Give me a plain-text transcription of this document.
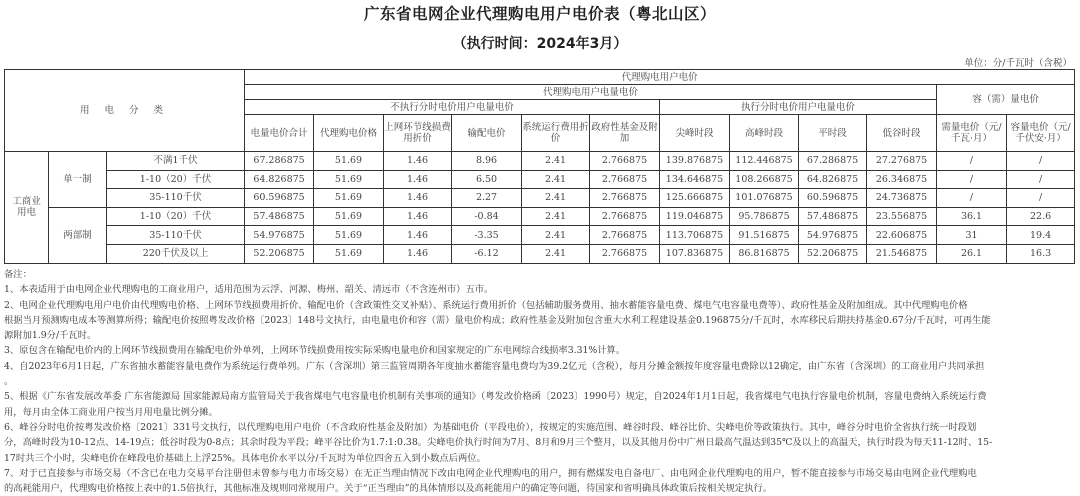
广东省电网企业代理购电用户电价表（粤北山区）
（执行时间：2024年3月）
单位：分/千瓦时（含税）
用 电 分 类			代理购电用户电价											
			代理购电用户电量电价										容（需）量电价	
			不执行分时电价用户电量电价						执行分时电价用户电量电价					
			电量电价合计	代理购电价格	上网环节线损费用折价	输配电价	系统运行费用折价	政府性基金及附加	尖峰时段	高峰时段	平时段	低谷时段	需量电价（元/千瓦·月）	容量电价（元/千伏安·月）
工商业用电	单一制	不满1千伏	67.286875	51.69	1.46	8.96	2.41	2.766875	139.876875	112.446875	67.286875	27.276875	/	/
		1-10（20）千伏	64.826875	51.69	1.46	6.50	2.41	2.766875	134.646875	108.266875	64.826875	26.346875	/	/
		35-110千伏	60.596875	51.69	1.46	2.27	2.41	2.766875	125.666875	101.076875	60.596875	24.736875	/	/
	两部制	1-10（20）千伏	57.486875	51.69	1.46	-0.84	2.41	2.766875	119.046875	95.786875	57.486875	23.556875	36.1	22.6
		35-110千伏	54.976875	51.69	1.46	-3.35	2.41	2.766875	113.706875	91.516875	54.976875	22.606875	31	19.4
		220千伏及以上	52.206875	51.69	1.46	-6.12	2.41	2.766875	107.836875	86.816875	52.206875	21.546875	26.1	16.3
备注：
1、本表适用于由电网企业代理购电的工商业用户，适用范围为云浮、河源、梅州、韶关、清远市（不含连州市）五市。
2、电网企业代理购电用户电价由代理购电价格、上网环节线损费用折价、输配电价（含政策性交叉补贴）、系统运行费用折价（包括辅助服务费用、抽水蓄能容量电费、煤电气电容量电费等）、政府性基金及附加组成。其中代理购电价格
根据当月预测购电成本等测算所得；输配电价按照粤发改价格〔2023〕148号文执行，由电量电价和容（需）量电价构成；政府性基金及附加包含重大水利工程建设基金0.196875分/千瓦时，水库移民后期扶持基金0.67分/千瓦时，可再生能
源附加1.9分/千瓦时。
3、原包含在输配电价内的上网环节线损费用在输配电价外单列，上网环节线损费用按实际采购电量电价和国家规定的广东电网综合线损率3.31%计算。
4、自2023年6月1日起，广东省抽水蓄能容量电费作为系统运行费单列。广东（含深圳）第三监管周期各年度抽水蓄能容量电费均为39.2亿元（含税），每月分摊金额按年度容量电费除以12确定，由广东省（含深圳）的工商业用户共同承担
。
5、根据《广东省发展改革委 广东省能源局 国家能源局南方监管局关于我省煤电气电容量电价机制有关事项的通知》（粤发改价格函〔2023〕1990号）规定，自2024年1月1日起，我省煤电气电执行容量电价机制，容量电费纳入系统运行费
用，每月由全体工商业用户按当月用电量比例分摊。
6、峰谷分时电价按粤发改价格〔2021〕331号文执行，以代理购电用户电价（不含政府性基金及附加）为基础电价（平段电价），按规定的实施范围、峰谷时段、峰谷比价、尖峰电价等政策执行。其中，峰谷分时电价全省执行统一时段划
分，高峰时段为10-12点、14-19点；低谷时段为0-8点；其余时段为平段；峰平谷比价为1.7:1:0.38。尖峰电价执行时间为7月、8月和9月三个整月，以及其他月份中广州日最高气温达到35℃及以上的高温天，执行时段为每天11-12时、15-
17时共三个小时，尖峰电价在峰段电价基础上上浮25%。具体电价水平以分/千瓦时为单位四舍五入到小数点后两位。
7、对于已直接参与市场交易（不含已在电力交易平台注册但未曾参与电力市场交易）在无正当理由情况下改由电网企业代理购电的用户，拥有燃煤发电自备电厂、由电网企业代理购电的用户，暂不能直接参与市场交易由电网企业代理购电
的高耗能用户，代理购电价格按上表中的1.5倍执行，其他标准及规则同常规用户。关于“正当理由”的具体情形以及高耗能用户的确定等问题，待国家和省明确具体政策后按相关规定执行。
